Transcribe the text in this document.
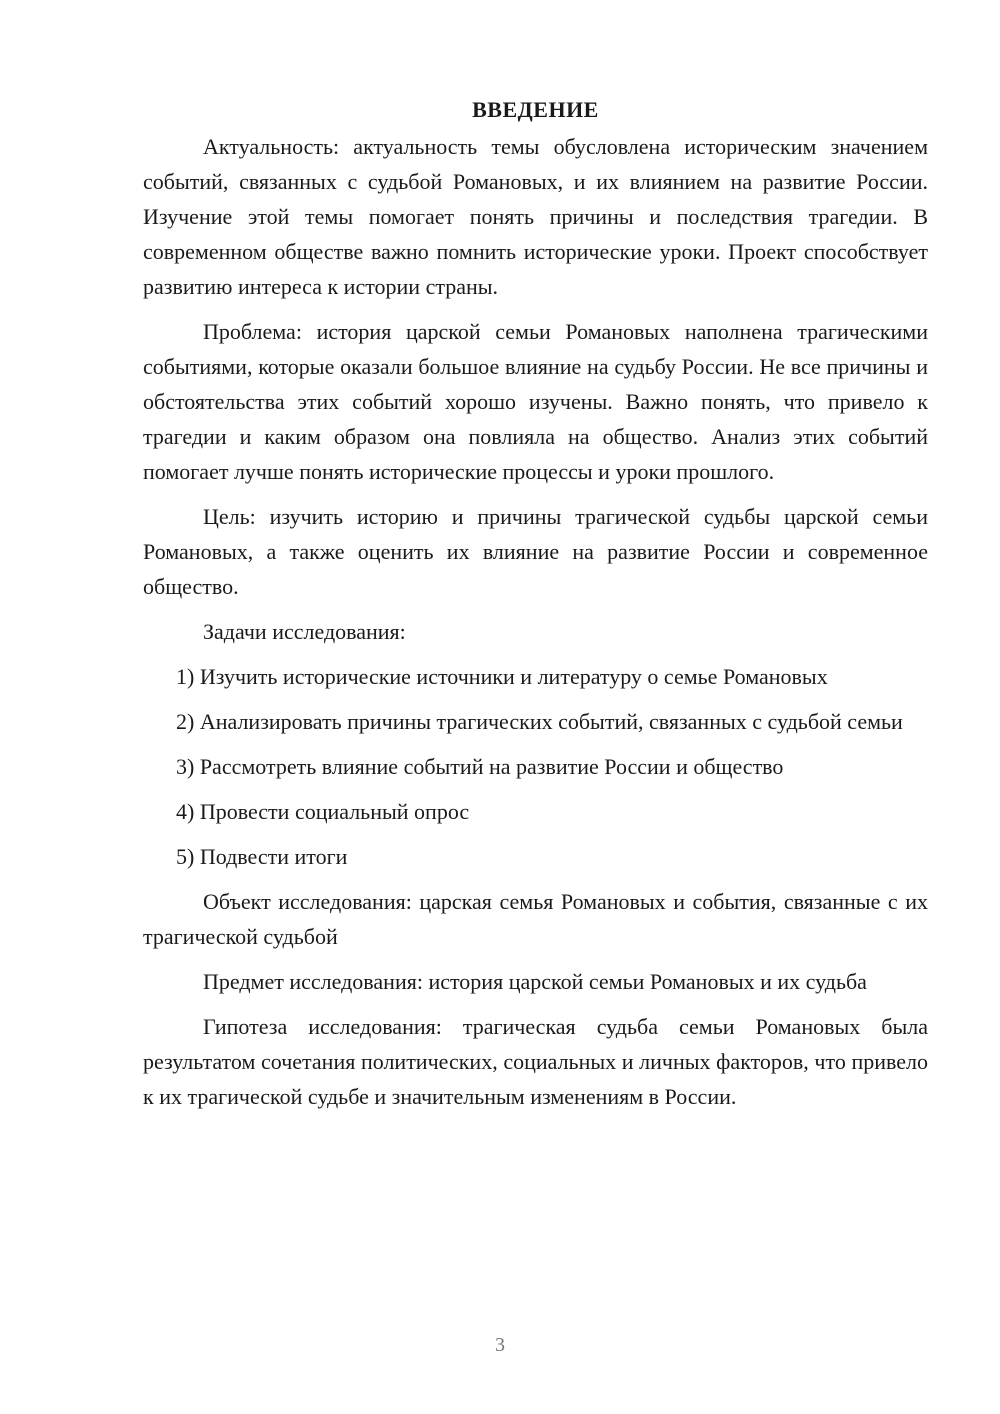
ВВЕДЕНИЕ

Актуальность: актуальность темы обусловлена историческим значением событий, связанных с судьбой Романовых, и их влиянием на развитие России. Изучение этой темы помогает понять причины и последствия трагедии. В современном обществе важно помнить исторические уроки. Проект способствует развитию интереса к истории страны.

Проблема: история царской семьи Романовых наполнена трагическими событиями, которые оказали большое влияние на судьбу России. Не все причины и обстоятельства этих событий хорошо изучены. Важно понять, что привело к трагедии и каким образом она повлияла на общество. Анализ этих событий помогает лучше понять исторические процессы и уроки прошлого.

Цель: изучить историю и причины трагической судьбы царской семьи Романовых, а также оценить их влияние на развитие России и современное общество.

Задачи исследования:

1) Изучить исторические источники и литературу о семье Романовых

2) Анализировать причины трагических событий, связанных с судьбой семьи

3) Рассмотреть влияние событий на развитие России и общество

4) Провести социальный опрос

5) Подвести итоги

Объект исследования: царская семья Романовых и события, связанные с их трагической судьбой

Предмет исследования: история царской семьи Романовых и их судьба

Гипотеза исследования: трагическая судьба семьи Романовых была результатом сочетания политических, социальных и личных факторов, что привело к их трагической судьбе и значительным изменениям в России.

3
